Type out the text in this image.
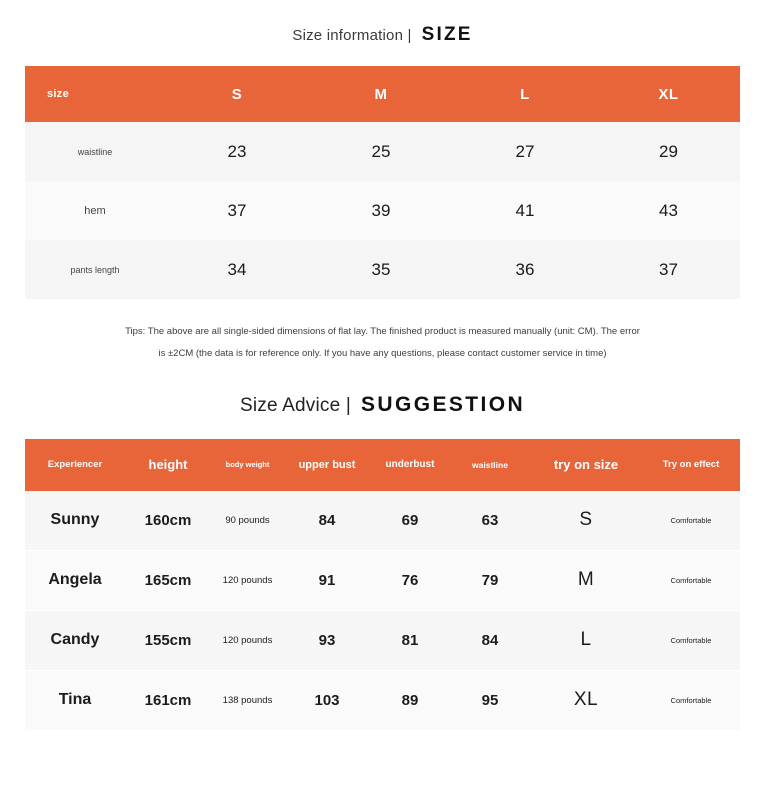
Size information | SIZE
size	S	M	L	XL
waistline	23	25	27	29
hem	37	39	41	43
pants length	34	35	36	37
Tips: The above are all single-sided dimensions of flat lay. The finished product is measured manually (unit: CM). The error
is ±2CM (the data is for reference only. If you have any questions, please contact customer service in time)
Size Advice | SUGGESTION
Experiencer	height	body weight	upper bust	underbust	waistline	try on size	Try on effect
Sunny	160cm	90 pounds	84	69	63	S	Comfortable
Angela	165cm	120 pounds	91	76	79	M	Comfortable
Candy	155cm	120 pounds	93	81	84	L	Comfortable
Tina	161cm	138 pounds	103	89	95	XL	Comfortable
